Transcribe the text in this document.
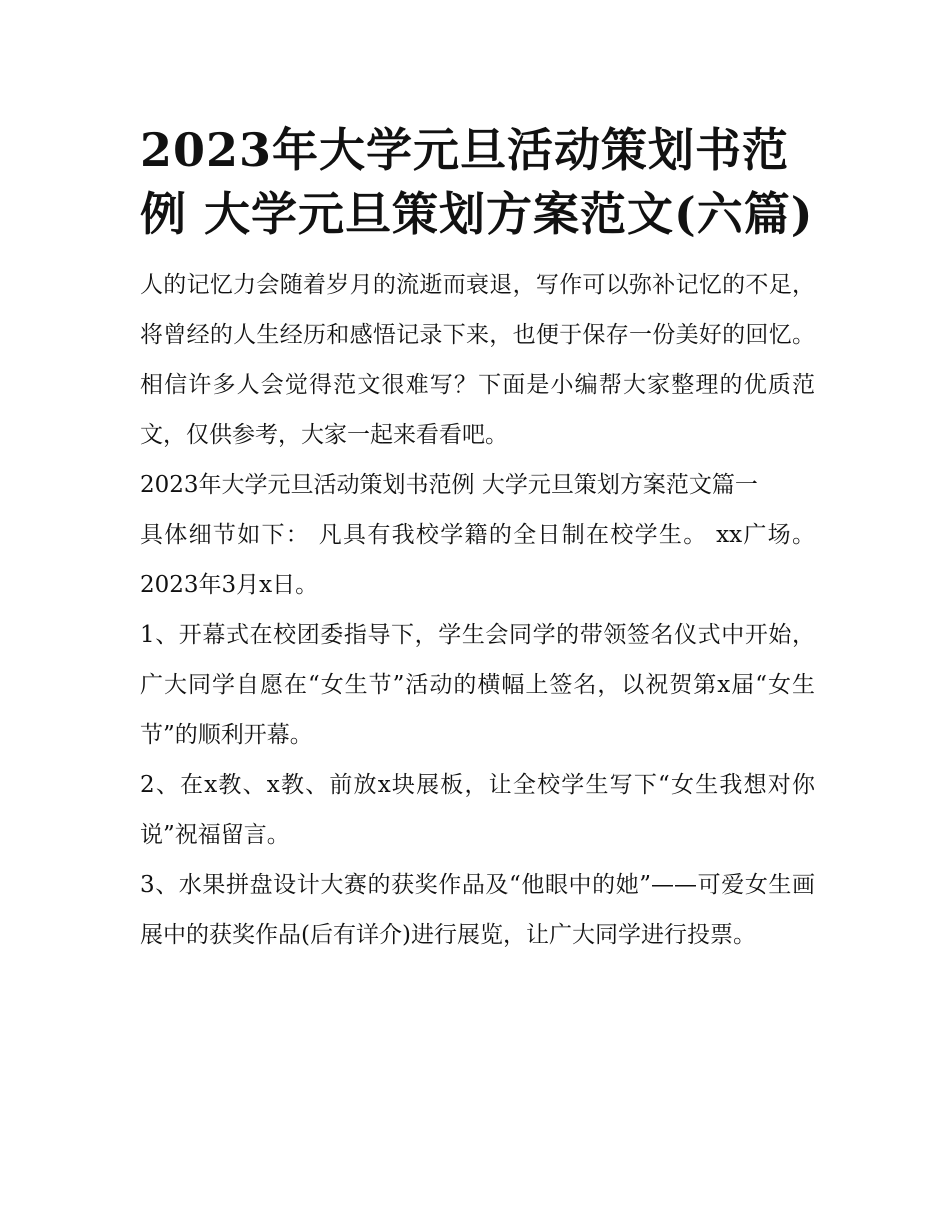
2023年大学元旦活动策划书范例 大学元旦策划方案范文(六篇)

人的记忆力会随着岁月的流逝而衰退，写作可以弥补记忆的不足，将曾经的人生经历和感悟记录下来，也便于保存一份美好的回忆。相信许多人会觉得范文很难写？下面是小编帮大家整理的优质范文，仅供参考，大家一起来看看吧。

2023年大学元旦活动策划书范例 大学元旦策划方案范文篇一

具体细节如下： 凡具有我校学籍的全日制在校学生。 xx广场。 2023年3月x日。

1、开幕式在校团委指导下，学生会同学的带领签名仪式中开始，广大同学自愿在“女生节”活动的横幅上签名，以祝贺第x届“女生节”的顺利开幕。

2、在x教、x教、前放x块展板，让全校学生写下“女生我想对你说”祝福留言。

3、水果拼盘设计大赛的获奖作品及“他眼中的她”——可爱女生画展中的获奖作品(后有详介)进行展览，让广大同学进行投票。
